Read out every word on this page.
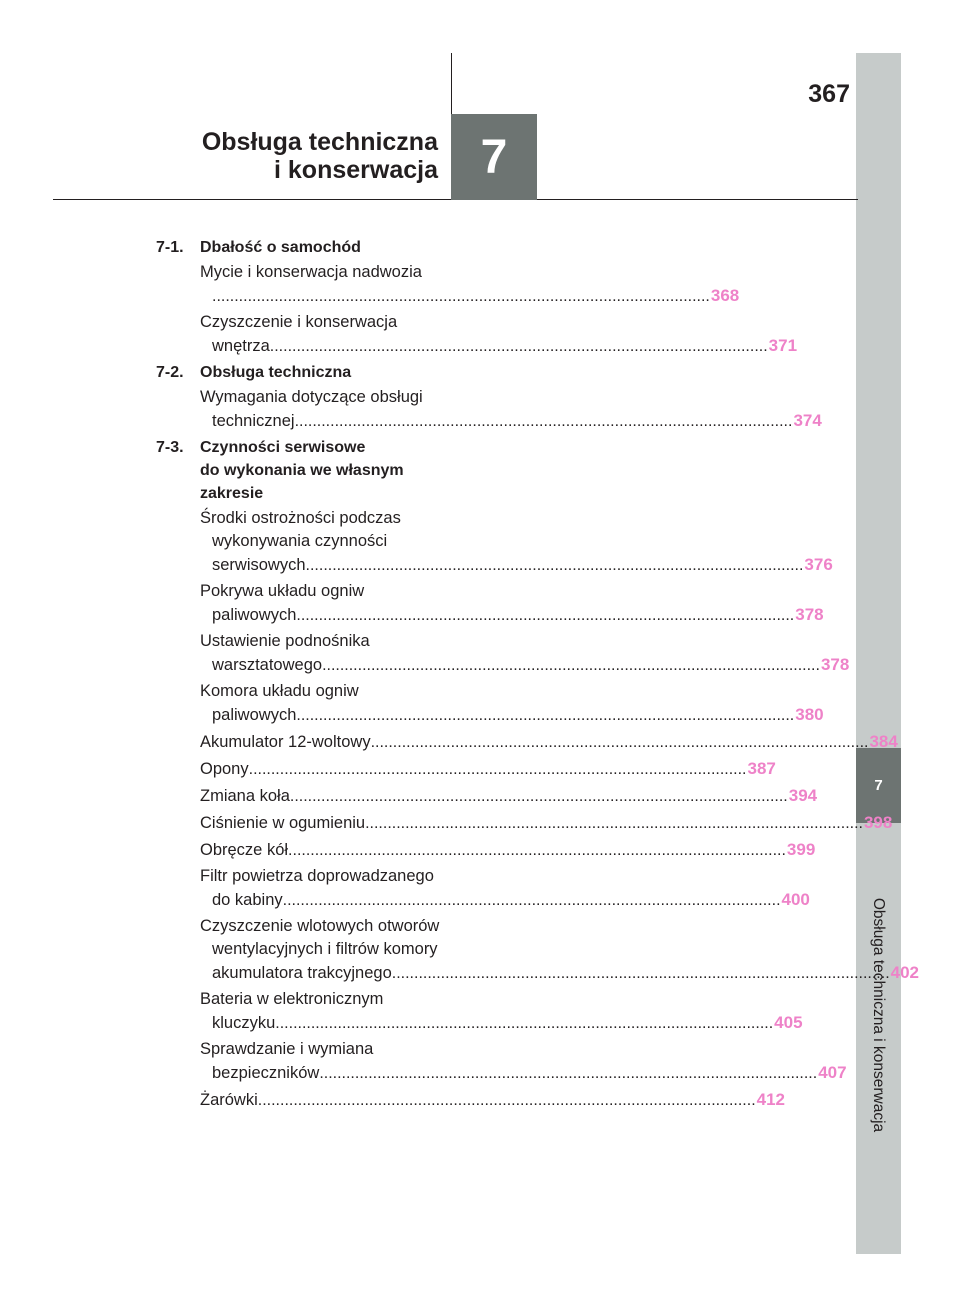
7
Obsługa techniczna i konserwacja
7
Obsługa techniczna
i konserwacja
367
7-1. Dbałość o samochód
Mycie i konserwacja nadwozia
................................................................................................................ 368
Czyszczenie i konserwacja
wnętrza ................................................................................................................ 371
7-2. Obsługa techniczna
Wymagania dotyczące obsługi
technicznej ................................................................................................................ 374
7-3. Czynności serwisowe
do wykonania we własnym
zakresie
Środki ostrożności podczas
wykonywania czynności
serwisowych ................................................................................................................ 376
Pokrywa układu ogniw
paliwowych ................................................................................................................ 378
Ustawienie podnośnika
warsztatowego ................................................................................................................ 378
Komora układu ogniw
paliwowych ................................................................................................................ 380
Akumulator 12-woltowy ................................................................................................................ 384
Opony ................................................................................................................ 387
Zmiana koła ................................................................................................................ 394
Ciśnienie w ogumieniu ................................................................................................................ 398
Obręcze kół ................................................................................................................ 399
Filtr powietrza doprowadzanego
do kabiny ................................................................................................................ 400
Czyszczenie wlotowych otworów
wentylacyjnych i filtrów komory
akumulatora trakcyjnego ................................................................................................................ 402
Bateria w elektronicznym
kluczyku ................................................................................................................ 405
Sprawdzanie i wymiana
bezpieczników ................................................................................................................ 407
Żarówki ................................................................................................................ 412
